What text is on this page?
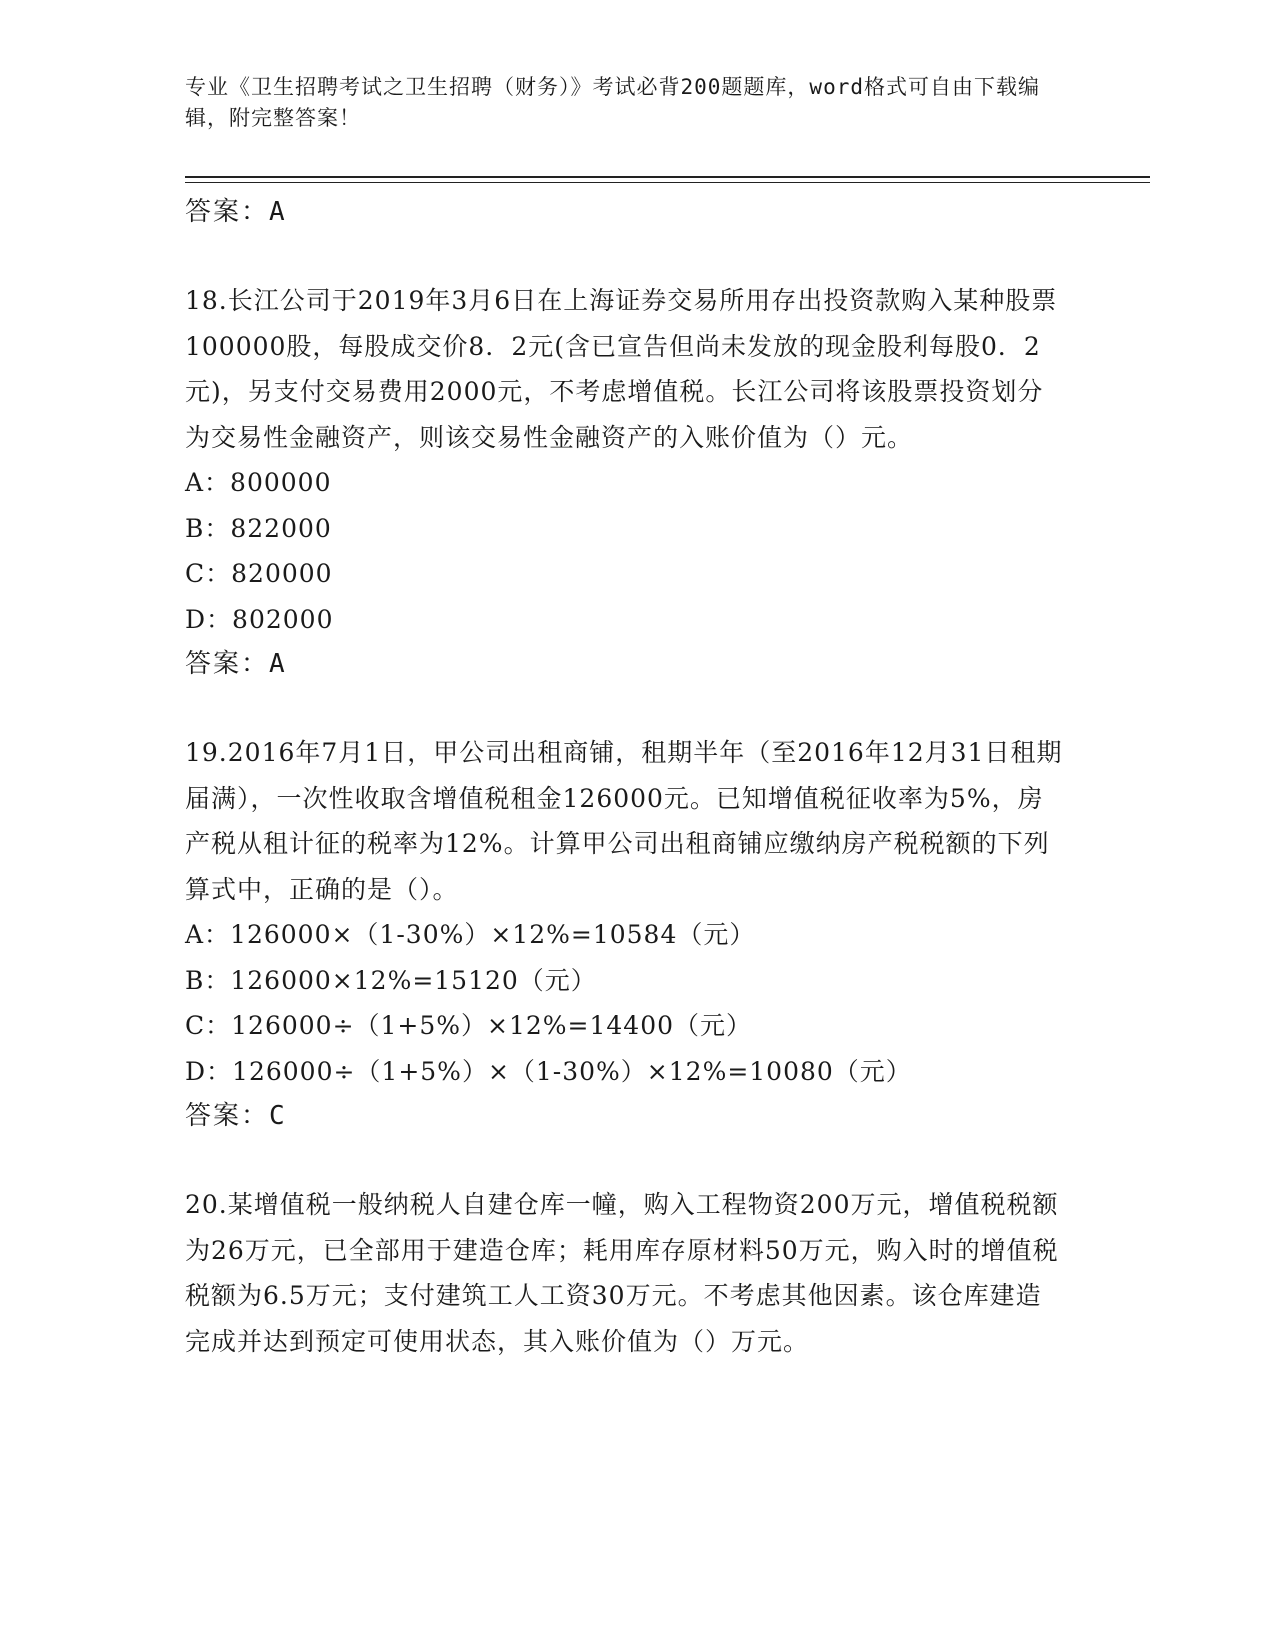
专业《卫生招聘考试之卫生招聘（财务）》考试必背200题题库，word格式可自由下载编辑，附完整答案！
答案：A
18.长江公司于2019年3月6日在上海证券交易所用存出投资款购入某种股票100000股，每股成交价8．2元(含已宣告但尚未发放的现金股利每股0．2元)，另支付交易费用2000元，不考虑增值税。长江公司将该股票投资划分为交易性金融资产，则该交易性金融资产的入账价值为（）元。
A：800000
B：822000
C：820000
D：802000
答案：A
19.2016年7月1日，甲公司出租商铺，租期半年（至2016年12月31日租期届满），一次性收取含增值税租金126000元。已知增值税征收率为5%，房产税从租计征的税率为12%。计算甲公司出租商铺应缴纳房产税税额的下列算式中，正确的是（）。
A：126000×（1-30%）×12%=10584（元）
B：126000×12%=15120（元）
C：126000÷（1+5%）×12%=14400（元）
D：126000÷（1+5%）×（1-30%）×12%=10080（元）
答案：C
20.某增值税一般纳税人自建仓库一幢，购入工程物资200万元，增值税税额为26万元，已全部用于建造仓库；耗用库存原材料50万元，购入时的增值税税额为6.5万元；支付建筑工人工资30万元。不考虑其他因素。该仓库建造完成并达到预定可使用状态，其入账价值为（）万元。
